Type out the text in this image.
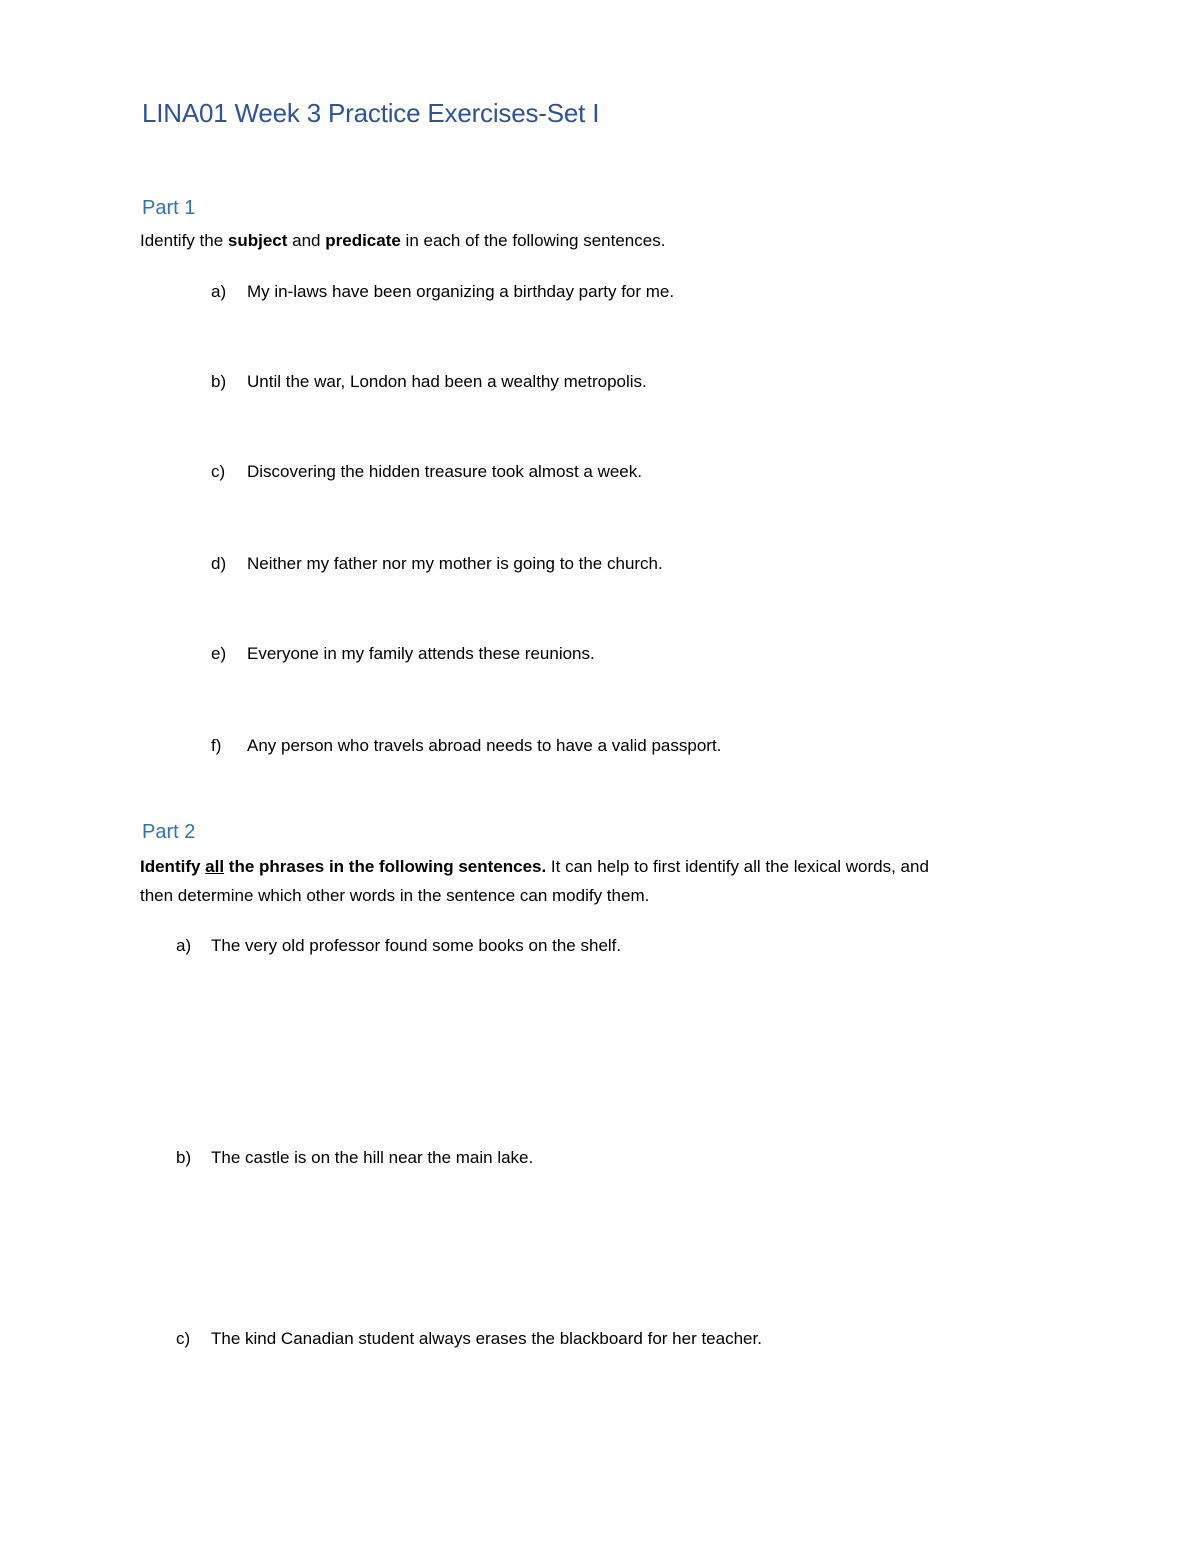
LINA01 Week 3 Practice Exercises-Set I
Part 1
Identify the subject and predicate in each of the following sentences.
a)	My in-laws have been organizing a birthday party for me.
b)	Until the war, London had been a wealthy metropolis.
c)	Discovering the hidden treasure took almost a week.
d)	Neither my father nor my mother is going to the church.
e)	Everyone in my family attends these reunions.
f)	Any person who travels abroad needs to have a valid passport.
Part 2
Identify all the phrases in the following sentences. It can help to first identify all the lexical words, and
then determine which other words in the sentence can modify them.
a)	The very old professor found some books on the shelf.
b)	The castle is on the hill near the main lake.
c)	The kind Canadian student always erases the blackboard for her teacher.
